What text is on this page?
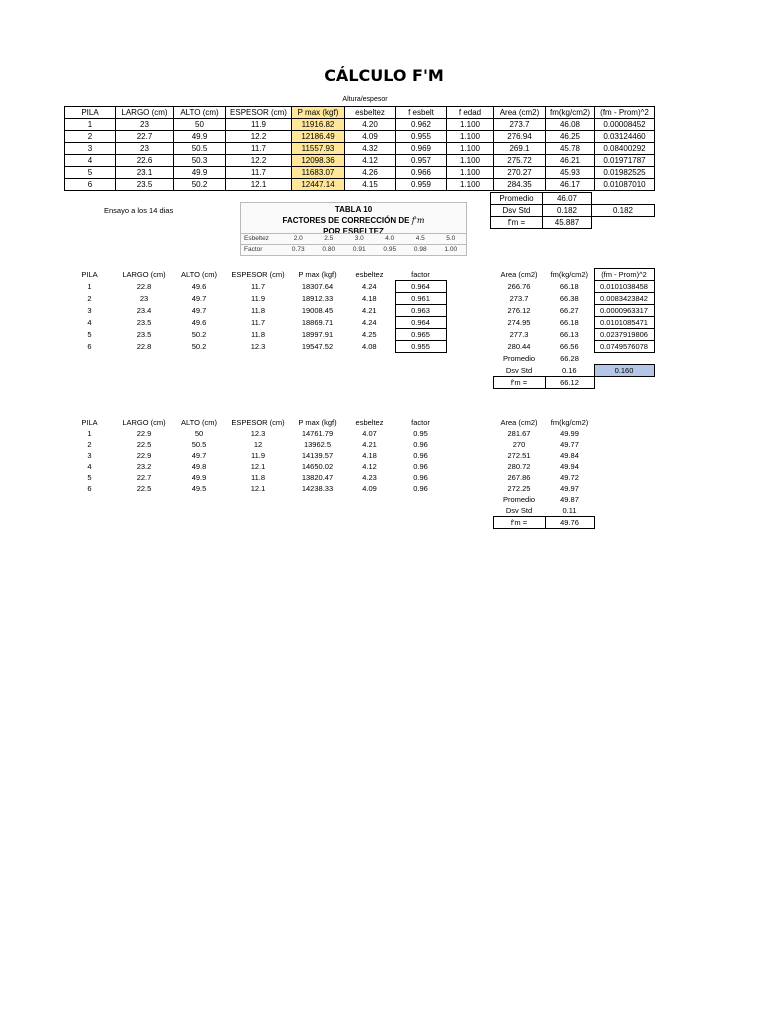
CÁLCULO F'M
Altura/espesor
PILA	LARGO (cm)	ALTO (cm)	ESPESOR (cm)	P max (kgf)	esbeltez	f esbelt	f edad	Area (cm2)	fm(kg/cm2)	(fm - Prom)^2
1	23	50	11.9	11916.82	4.20	0.962	1.100	273.7	46.08	0.00008452
2	22.7	49.9	12.2	12186.49	4.09	0.955	1.100	276.94	46.25	0.03124460
3	23	50.5	11.7	11557.93	4.32	0.969	1.100	269.1	45.78	0.08400292
4	22.6	50.3	12.2	12098.36	4.12	0.957	1.100	275.72	46.21	0.01971787
5	23.1	49.9	11.7	11683.07	4.26	0.966	1.100	270.27	45.93	0.01982525
6	23.5	50.2	12.1	12447.14	4.15	0.959	1.100	284.35	46.17	0.01087010
Promedio	46.07	
Dsv Std	0.182	0.182
f'm =	45.887	
Ensayo a los 14 dias	TABLA 10
FACTORES DE CORRECCIÓN DE f'm
POR ESBELTEZ
Esbeltez	2.0	2.5	3.0	4.0	4.5	5.0
Factor	0.73	0.80	0.91	0.95	0.98	1.00
PILA	LARGO (cm)	ALTO (cm)	ESPESOR (cm)	P max (kgf)	esbeltez	factor		Area (cm2)	fm(kg/cm2)	(fm - Prom)^2
1	22.8	49.6	11.7	18307.64	4.24	0.964		266.76	66.18	0.0101038458
2	23	49.7	11.9	18912.33	4.18	0.961		273.7	66.38	0.0083423842
3	23.4	49.7	11.8	19008.45	4.21	0.963		276.12	66.27	0.0000963317
4	23.5	49.6	11.7	18869.71	4.24	0.964		274.95	66.18	0.0101085471
5	23.5	50.2	11.8	18997.91	4.25	0.965		277.3	66.13	0.0237919806
6	22.8	50.2	12.3	19547.52	4.08	0.955		280.44	66.56	0.0749576078
								Promedio	66.28	
								Dsv Std	0.16	0.160
								f'm =	66.12	
PILA	LARGO (cm)	ALTO (cm)	ESPESOR (cm)	P max (kgf)	esbeltez	factor		Area (cm2)	fm(kg/cm2)
1	22.9	50	12.3	14761.79	4.07	0.95		281.67	49.99
2	22.5	50.5	12	13962.5	4.21	0.96		270	49.77
3	22.9	49.7	11.9	14139.57	4.18	0.96		272.51	49.84
4	23.2	49.8	12.1	14650.02	4.12	0.96		280.72	49.94
5	22.7	49.9	11.8	13820.47	4.23	0.96		267.86	49.72
6	22.5	49.5	12.1	14238.33	4.09	0.96		272.25	49.97
								Promedio	49.87
								Dsv Std	0.11
								f'm =	49.76
